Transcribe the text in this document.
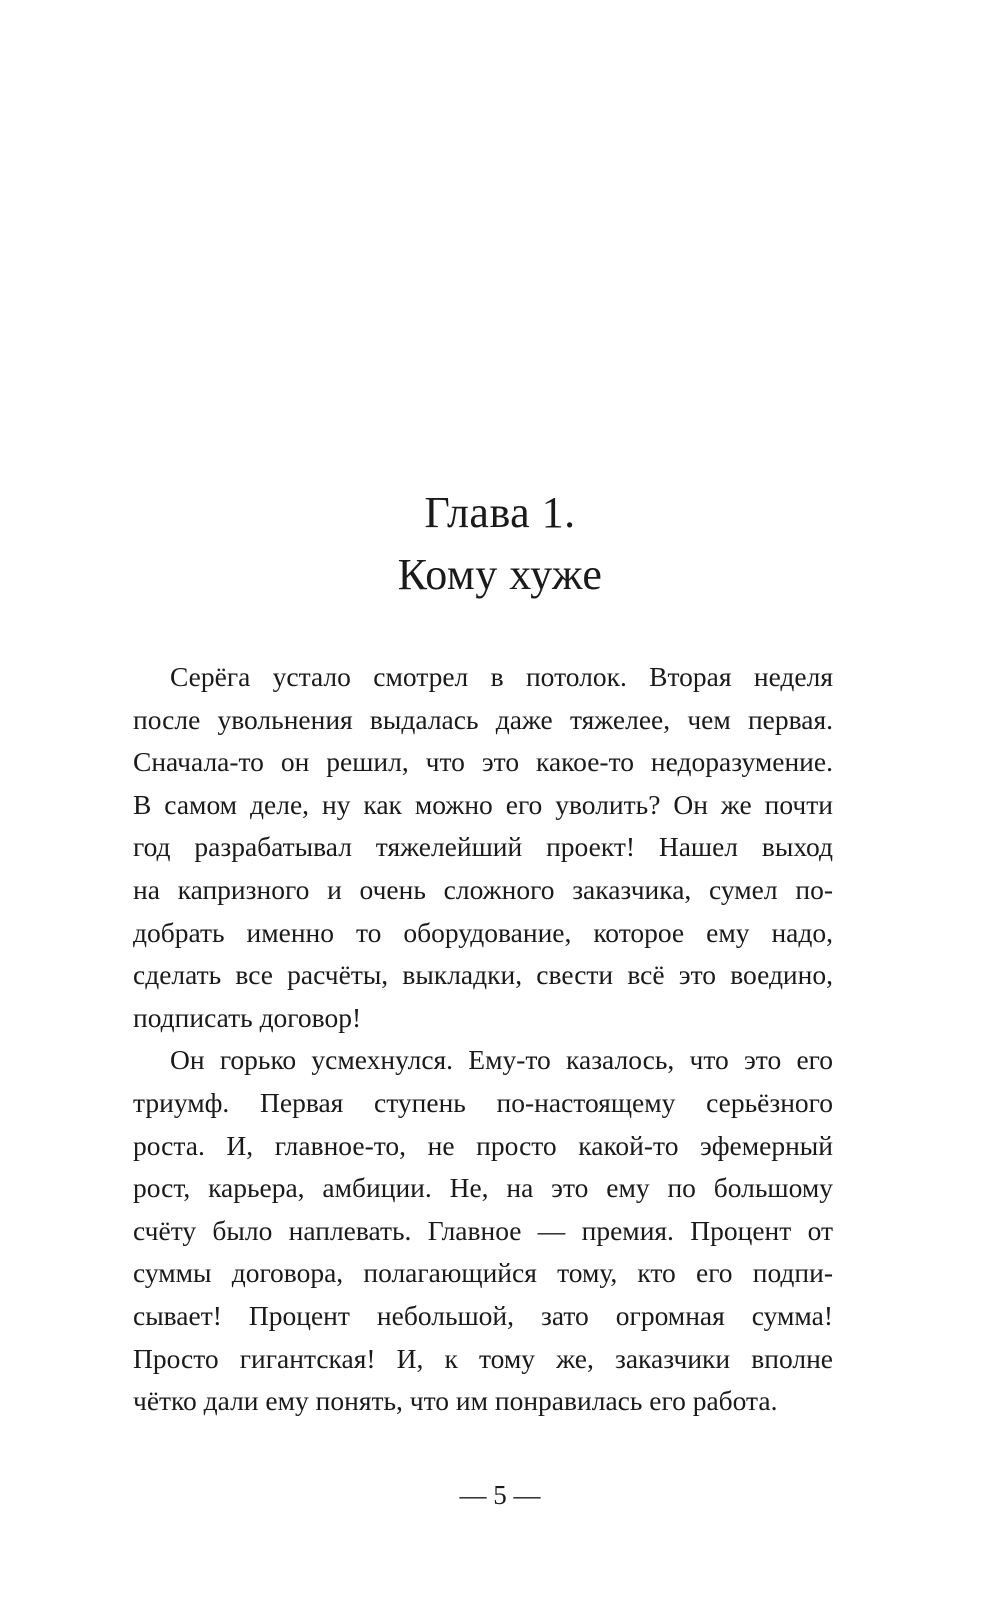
Глава 1.
Кому хуже
Серёга устало смотрел в потолок. Вторая неделя
после увольнения выдалась даже тяжелее, чем первая.
Сначала-то он решил, что это какое-то недоразумение.
В самом деле, ну как можно его уволить? Он же почти
год разрабатывал тяжелейший проект! Нашел выход
на капризного и очень сложного заказчика, сумел по-
добрать именно то оборудование, которое ему надо,
сделать все расчёты, выкладки, свести всё это воедино,
подписать договор!
Он горько усмехнулся. Ему-то казалось, что это его
триумф. Первая ступень по-настоящему серьёзного
роста. И, главное-то, не просто какой-то эфемерный
рост, карьера, амбиции. Не, на это ему по большому
счёту было наплевать. Главное — премия. Процент от
суммы договора, полагающийся тому, кто его подпи-
сывает! Процент небольшой, зато огромная сумма!
Просто гигантская! И, к тому же, заказчики вполне
чётко дали ему понять, что им понравилась его работа.
— 5 —
